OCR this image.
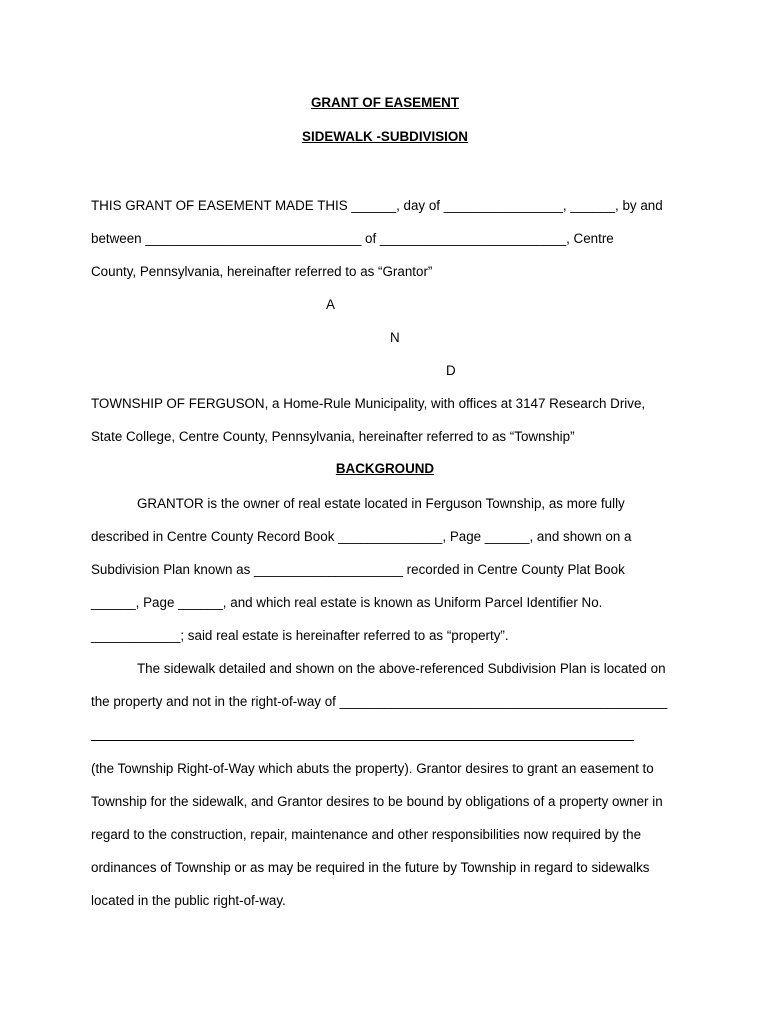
GRANT OF EASEMENT
SIDEWALK -SUBDIVISION
THIS GRANT OF EASEMENT MADE THIS ______, day of ________________, ______, by and
between _____________________________ of _________________________, Centre
County, Pennsylvania, hereinafter referred to as “Grantor”
A
N
D
TOWNSHIP OF FERGUSON, a Home-Rule Municipality, with offices at 3147 Research Drive,
State College, Centre County, Pennsylvania, hereinafter referred to as “Township”
BACKGROUND
GRANTOR is the owner of real estate located in Ferguson Township, as more fully
described in Centre County Record Book ______________, Page ______, and shown on a
Subdivision Plan known as ____________________ recorded in Centre County Plat Book
______, Page ______, and which real estate is known as Uniform Parcel Identifier No.
____________; said real estate is hereinafter referred to as “property”.
The sidewalk detailed and shown on the above-referenced Subdivision Plan is located on
the property and not in the right-of-way of ____________________________________________
(the Township Right-of-Way which abuts the property). Grantor desires to grant an easement to
Township for the sidewalk, and Grantor desires to be bound by obligations of a property owner in
regard to the construction, repair, maintenance and other responsibilities now required by the
ordinances of Township or as may be required in the future by Township in regard to sidewalks
located in the public right-of-way.
